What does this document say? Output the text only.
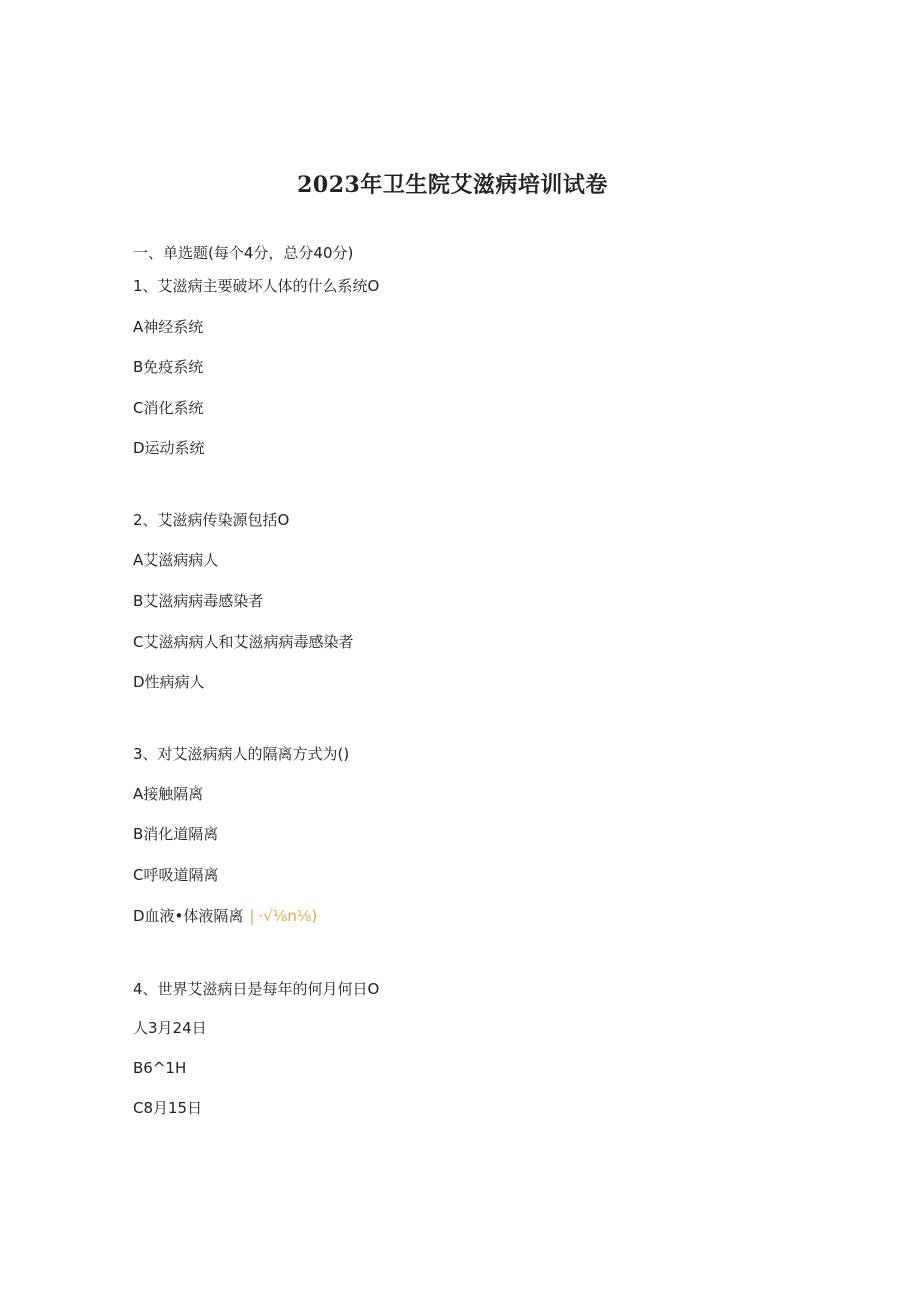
2023年卫生院艾滋病培训试卷

一、单选题(每个4分，总分40分)

1、艾滋病主要破坏人体的什么系统O
A神经系统
B免疫系统
C消化系统
D运动系统
2、艾滋病传染源包括O
A艾滋病病人
B艾滋病病毒感染者
C艾滋病病人和艾滋病病毒感染者
D性病病人
3、对艾滋病病人的隔离方式为()
A接触隔离
B消化道隔离
C呼吸道隔离
D血液•体液隔离 | ·√⅛n⅛)
4、世界艾滋病日是每年的何月何日O
人3月24日
B6^1H
C8月15日
